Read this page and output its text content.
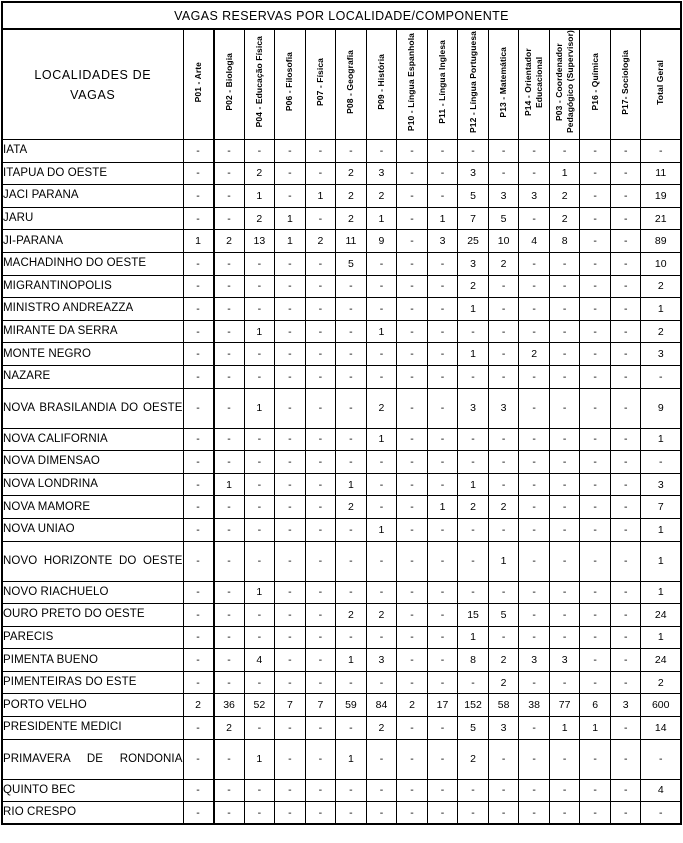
VAGAS RESERVAS POR LOCALIDADE/COMPONENTE																
LOCALIDADES DE
VAGAS	P01 - Arte	P02 - Biologia	P04 - Educação Física	P06 - Filosofia	P07 - Física	P08 - Geografia	P09 - História	P10 - Língua Espanhola	P11 - Língua Inglesa	P12 - Língua Portuguesa	P13 - Matemática	P14 - Orientador Educacional	P03 - Coordenador Pedagógico (Supervisor)	P16 - Química	P17- Sociologia	Total Geral
IATA	-	-	-	-	-	-	-	-	-	-	-	-	-	-	-	-
ITAPUA DO OESTE	-	-	2	-	-	2	3	-	-	3	-	-	1	-	-	11
JACI PARANA	-	-	1	-	1	2	2	-	-	5	3	3	2	-	-	19
JARU	-	-	2	1	-	2	1	-	1	7	5	-	2	-	-	21
JI-PARANA	1	2	13	1	2	11	9	-	3	25	10	4	8	-	-	89
MACHADINHO DO OESTE	-	-	-	-	-	5	-	-	-	3	2	-	-	-	-	10
MIGRANTINOPOLIS	-	-	-	-	-	-	-	-	-	2	-	-	-	-	-	2
MINISTRO ANDREAZZA	-	-	-	-	-	-	-	-	-	1	-	-	-	-	-	1
MIRANTE DA SERRA	-	-	1	-	-	-	1	-	-	-	-	-	-	-	-	2
MONTE NEGRO	-	-	-	-	-	-	-	-	-	1	-	2	-	-	-	3
NAZARE	-	-	-	-	-	-	-	-	-	-	-	-	-	-	-	-
NOVA BRASILANDIA DO OESTE	-	-	1	-	-	-	2	-	-	3	3	-	-	-	-	9
NOVA CALIFORNIA	-	-	-	-	-	-	1	-	-	-	-	-	-	-	-	1
NOVA DIMENSAO	-	-	-	-	-	-	-	-	-	-	-	-	-	-	-	-
NOVA LONDRINA	-	1	-	-	-	1	-	-	-	1	-	-	-	-	-	3
NOVA MAMORE	-	-	-	-	-	2	-	-	1	2	2	-	-	-	-	7
NOVA UNIAO	-	-	-	-	-	-	1	-	-	-	-	-	-	-	-	1
NOVO HORIZONTE DO OESTE	-	-	-	-	-	-	-	-	-	-	1	-	-	-	-	1
NOVO RIACHUELO	-	-	1	-	-	-	-	-	-	-	-	-	-	-	-	1
OURO PRETO DO OESTE	-	-	-	-	-	2	2	-	-	15	5	-	-	-	-	24
PARECIS	-	-	-	-	-	-	-	-	-	1	-	-	-	-	-	1
PIMENTA BUENO	-	-	4	-	-	1	3	-	-	8	2	3	3	-	-	24
PIMENTEIRAS DO ESTE	-	-	-	-	-	-	-	-	-	-	2	-	-	-	-	2
PORTO VELHO	2	36	52	7	7	59	84	2	17	152	58	38	77	6	3	600
PRESIDENTE MEDICI	-	2	-	-	-	-	2	-	-	5	3	-	1	1	-	14
PRIMAVERA DE RONDONIA	-	-	1	-	-	1	-	-	-	2	-	-	-	-	-	-
QUINTO BEC	-	-	-	-	-	-	-	-	-	-	-	-	-	-	-	4
RIO CRESPO	-	-	-	-	-	-	-	-	-	-	-	-	-	-	-	-
